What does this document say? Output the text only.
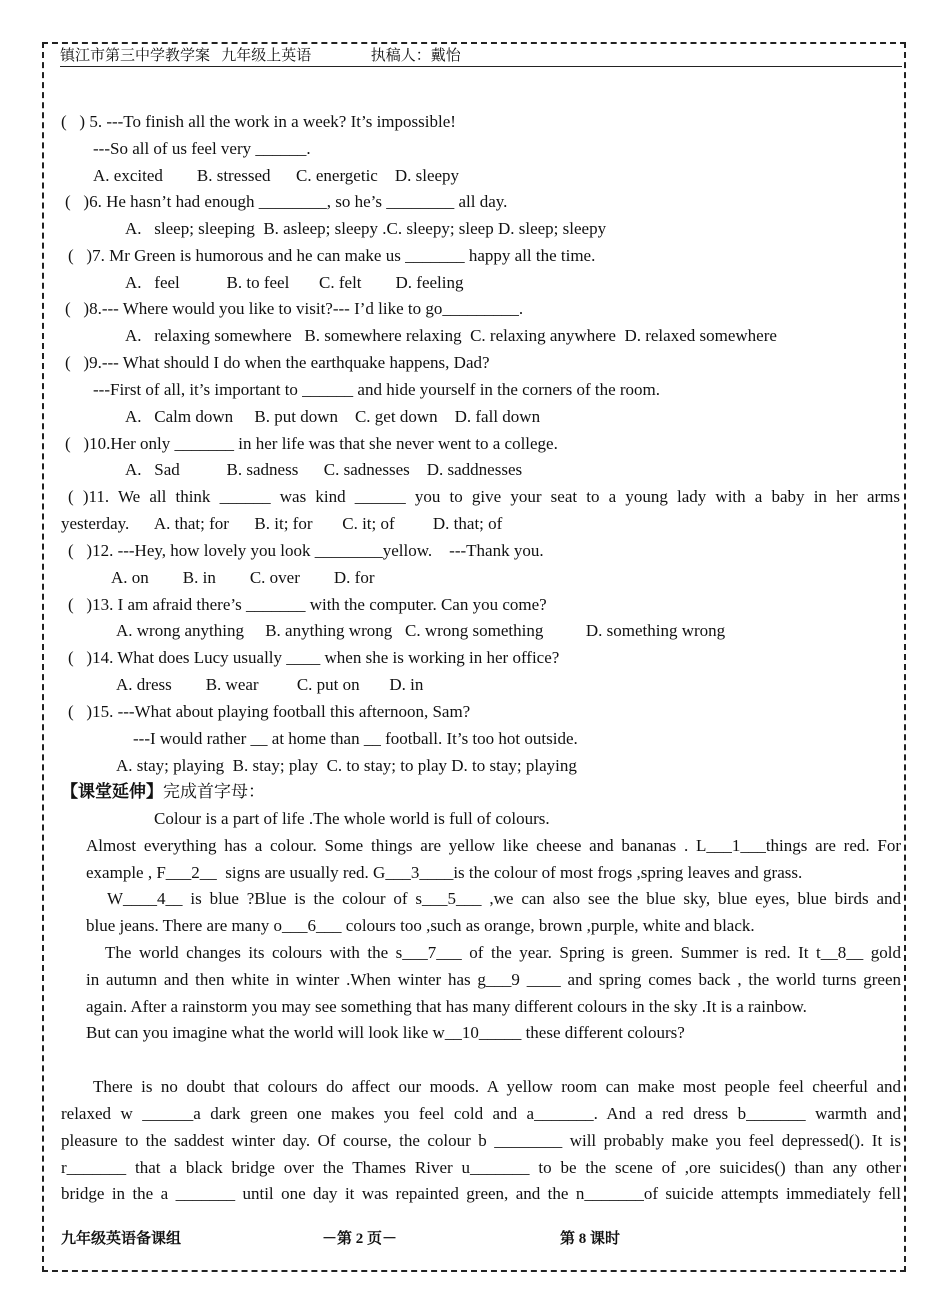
镇江市第三中学教学案 九年级上英语	执稿人：戴怡
(   ) 5. ---To finish all the work in a week? It’s impossible!
---So all of us feel very ______.
A. excited        B. stressed      C. energetic    D. sleepy
(   )6. He hasn’t had enough ________, so he’s ________ all day.
A.   sleep; sleeping  B. asleep; sleepy .C. sleepy; sleep D. sleep; sleepy
(   )7. Mr Green is humorous and he can make us _______ happy all the time.
A.   feel           B. to feel       C. felt        D. feeling
(   )8.--- Where would you like to visit?--- I’d like to go_________.
A.   relaxing somewhere   B. somewhere relaxing  C. relaxing anywhere  D. relaxed somewhere
(   )9.--- What should I do when the earthquake happens, Dad?
---First of all, it’s important to ______ and hide yourself in the corners of the room.
A.   Calm down     B. put down    C. get down    D. fall down
(   )10.Her only _______ in her life was that she never went to a college.
A.   Sad           B. sadness      C. sadnesses    D. saddnesses
( )11. We all think ______ was kind ______ you to give your seat to a young lady with a baby in her arms
yesterday.      A. that; for      B. it; for       C. it; of         D. that; of
(   )12. ---Hey, how lovely you look ________yellow.    ---Thank you.
A. on        B. in        C. over        D. for
(   )13. I am afraid there’s _______ with the computer. Can you come?
A. wrong anything     B. anything wrong   C. wrong something          D. something wrong
(   )14. What does Lucy usually ____ when she is working in her office?
A. dress        B. wear         C. put on       D. in
(   )15. ---What about playing football this afternoon, Sam?
---I would rather __ at home than __ football. It’s too hot outside.
A. stay; playing  B. stay; play  C. to stay; to play D. to stay; playing
【课堂延伸】完成首字母：
Colour is a part of life .The whole world is full of colours.
Almost everything has a colour. Some things are yellow like cheese and bananas . L___1___things are red. For
example , F___2__  signs are usually red. G___3____is the colour of most frogs ,spring leaves and grass.
W____4__ is blue ?Blue is the colour of s___5___ ,we can also see the blue sky, blue eyes, blue birds and
blue jeans. There are many o___6___ colours too ,such as orange, brown ,purple, white and black.
The world changes its colours with the s___7___ of the year. Spring is green. Summer is red. It t__8__ gold
in autumn and then white in winter .When winter has g___9 ____ and spring comes back , the world turns green
again. After a rainstorm you may see something that has many different colours in the sky .It is a rainbow.
But can you imagine what the world will look like w__10_____ these different colours?
There is no doubt that colours do affect our moods. A yellow room can make most people feel cheerful and
relaxed w ______a dark green one makes you feel cold and a_______. And a red dress b_______ warmth and
pleasure to the saddest winter day. Of course, the colour b ________ will probably make you feel depressed(). It is
r_______ that a black bridge over the Thames River u_______ to be the scene of ,ore suicides() than any other
bridge in the a _______ until one day it was repainted green, and the n_______of suicide attempts immediately fell
九年级英语备课组	－第 2 页－	第 8 课时
